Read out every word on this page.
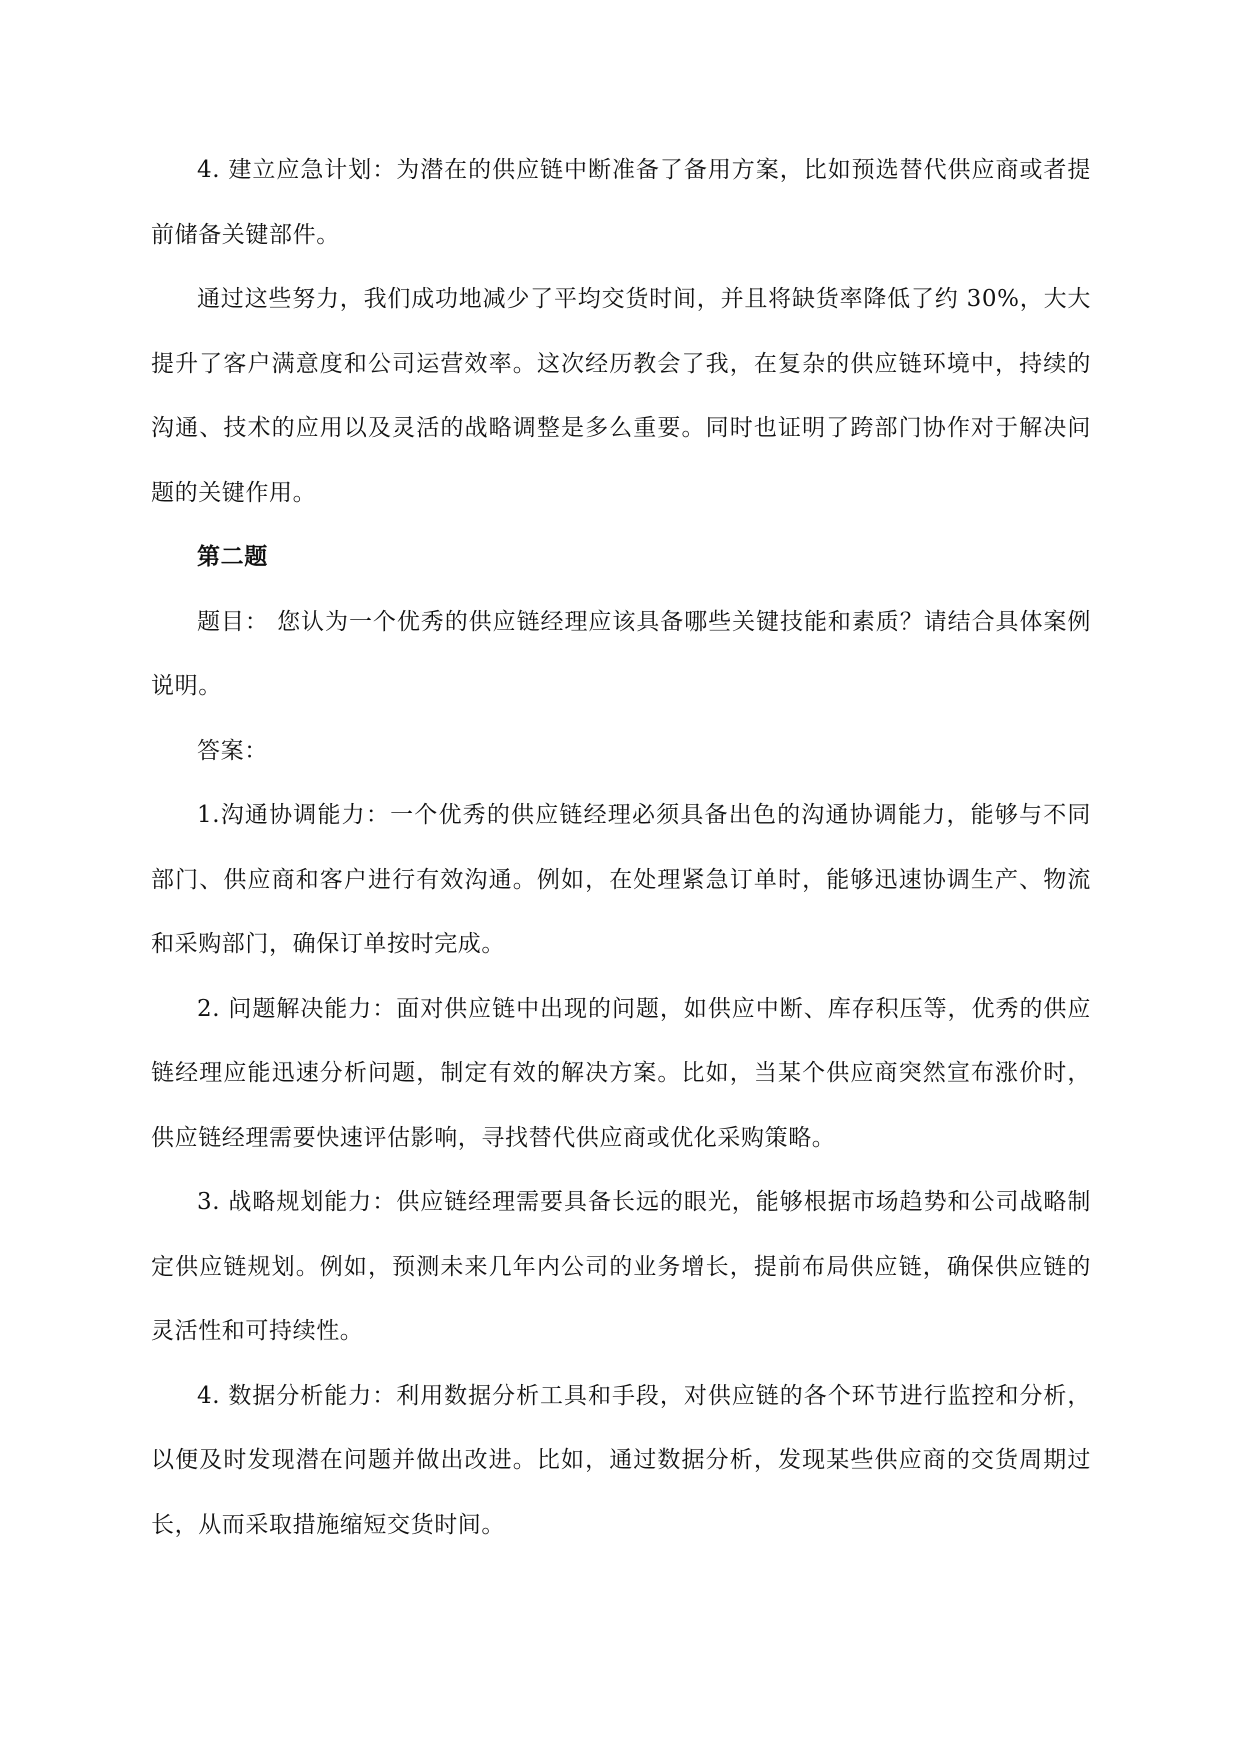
4. 建立应急计划：为潜在的供应链中断准备了备用方案，比如预选替代供应商或者提前储备关键部件。

通过这些努力，我们成功地减少了平均交货时间，并且将缺货率降低了约 30%，大大提升了客户满意度和公司运营效率。这次经历教会了我，在复杂的供应链环境中，持续的沟通、技术的应用以及灵活的战略调整是多么重要。同时也证明了跨部门协作对于解决问题的关键作用。

第二题

题目： 您认为一个优秀的供应链经理应该具备哪些关键技能和素质？请结合具体案例说明。

答案：

1.沟通协调能力：一个优秀的供应链经理必须具备出色的沟通协调能力，能够与不同部门、供应商和客户进行有效沟通。例如，在处理紧急订单时，能够迅速协调生产、物流和采购部门，确保订单按时完成。

2. 问题解决能力：面对供应链中出现的问题，如供应中断、库存积压等，优秀的供应链经理应能迅速分析问题，制定有效的解决方案。比如，当某个供应商突然宣布涨价时，供应链经理需要快速评估影响，寻找替代供应商或优化采购策略。

3. 战略规划能力：供应链经理需要具备长远的眼光，能够根据市场趋势和公司战略制定供应链规划。例如，预测未来几年内公司的业务增长，提前布局供应链，确保供应链的灵活性和可持续性。

4. 数据分析能力：利用数据分析工具和手段，对供应链的各个环节进行监控和分析，以便及时发现潜在问题并做出改进。比如，通过数据分析，发现某些供应商的交货周期过长，从而采取措施缩短交货时间。
